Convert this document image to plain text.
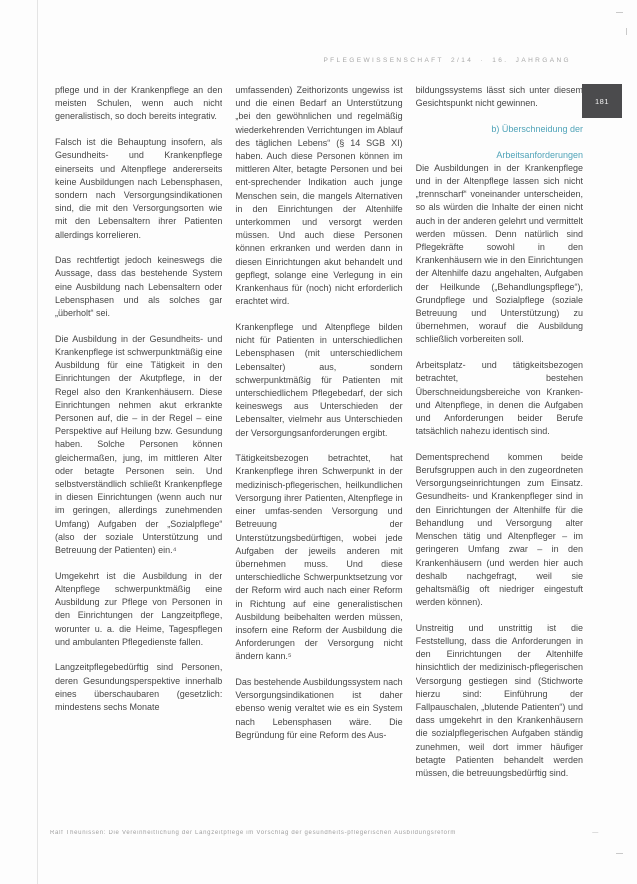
PFLEGEWISSENSCHAFT 2/14 · 16. JAHRGANG
181

pflege und in der Krankenpflege an den meisten Schulen, wenn auch nicht generalistisch, so doch bereits integrativ.

Falsch ist die Behauptung insofern, als Gesundheits- und Krankenpflege einerseits und Altenpflege andererseits keine Ausbildungen nach Lebensphasen, sondern nach Versorgungsindikationen sind, die mit den Versorgungsorten wie mit den Lebensaltern ihrer Patienten allerdings korrelieren.

Das rechtfertigt jedoch keineswegs die Aussage, dass das bestehende System eine Ausbildung nach Lebensaltern oder Lebensphasen und als solches gar „überholt“ sei.

Die Ausbildung in der Gesundheits- und Krankenpflege ist schwerpunktmäßig eine Ausbildung für eine Tätigkeit in den Einrichtungen der Akutpflege, in der Regel also den Krankenhäusern. Diese Einrichtungen nehmen akut erkrankte Personen auf, die – in der Regel – eine Perspektive auf Heilung bzw. Gesundung haben. Solche Personen können gleichermaßen, jung, im mittleren Alter oder betagte Personen sein. Und selbstverständlich schließt Krankenpflege in diesen Einrichtungen (wenn auch nur im geringen, allerdings zunehmenden Umfang) Aufgaben der „Sozialpflege“ (also der soziale Unterstützung und Betreuung der Patienten) ein.⁴

Umgekehrt ist die Ausbildung in der Altenpflege schwerpunktmäßig eine Ausbildung zur Pflege von Personen in den Einrichtungen der Langzeitpflege, worunter u. a. die Heime, Tagespflegen und ambulanten Pflegedienste fallen.

Langzeitpflegebedürftig sind Personen, deren Gesundungsperspektive innerhalb eines überschaubaren (gesetzlich: mindestens sechs Monate

umfassenden) Zeithorizonts ungewiss ist und die einen Bedarf an Unterstützung „bei den gewöhnlichen und regelmäßig wiederkehrenden Verrichtungen im Ablauf des täglichen Lebens“ (§ 14 SGB XI) haben. Auch diese Personen können im mittleren Alter, betagte Personen und bei ent-sprechender Indikation auch junge Menschen sein, die mangels Alternativen in den Einrichtungen der Altenhilfe unterkommen und versorgt werden müssen. Und auch diese Personen können erkranken und werden dann in diesen Einrichtungen akut behandelt und gepflegt, solange eine Verlegung in ein Krankenhaus für (noch) nicht erforderlich erachtet wird.

Krankenpflege und Altenpflege bilden nicht für Patienten in unterschiedlichen Lebensphasen (mit unterschiedlichem Lebensalter) aus, sondern schwerpunktmäßig für Patienten mit unterschiedlichem Pflegebedarf, der sich keineswegs aus Unterschieden der Lebensalter, vielmehr aus Unterschieden der Versorgungsanforderungen ergibt.

Tätigkeitsbezogen betrachtet, hat Krankenpflege ihren Schwerpunkt in der medizinisch-pflegerischen, heilkundlichen Versorgung ihrer Patienten, Altenpflege in einer umfas-senden Versorgung und Betreuung der Unterstützungsbedürftigen, wobei jede Aufgaben der jeweils anderen mit übernehmen muss. Und diese unterschiedliche Schwerpunktsetzung vor der Reform wird auch nach einer Reform in Richtung auf eine generalistischen Ausbildung beibehalten werden müssen, insofern eine Reform der Ausbildung die Anforderungen der Versorgung nicht ändern kann.⁵

Das bestehende Ausbildungssystem nach Versorgungsindikationen ist daher ebenso wenig veraltet wie es ein System nach Lebensphasen wäre. Die Begründung für eine Reform des Aus-

bildungssystems lässt sich unter diesem Gesichtspunkt nicht gewinnen.

b) Überschneidung der

Arbeitsanforderungen

Die Ausbildungen in der Krankenpflege und in der Altenpflege lassen sich nicht „trennscharf“ voneinander unterscheiden, so als würden die Inhalte der einen nicht auch in der anderen gelehrt und vermittelt werden müssen. Denn natürlich sind Pflegekräfte sowohl in den Krankenhäusern wie in den Einrichtungen der Altenhilfe dazu angehalten, Aufgaben der Heilkunde („Behandlungspflege“), Grundpflege und Sozialpflege (soziale Betreuung und Unterstützung) zu übernehmen, worauf die Ausbildung schließlich vorbereiten soll.

Arbeitsplatz- und tätigkeitsbezogen betrachtet, bestehen Überschneidungsbereiche von Kranken- und Altenpflege, in denen die Aufgaben und Anforderungen beider Berufe tatsächlich nahezu identisch sind.

Dementsprechend kommen beide Berufsgruppen auch in den zugeordneten Versorgungseinrichtungen zum Einsatz. Gesundheits- und Krankenpfleger sind in den Einrichtungen der Altenhilfe für die Behandlung und Versorgung alter Menschen tätig und Altenpfleger – im geringeren Umfang zwar – in den Krankenhäusern (und werden hier auch deshalb nachgefragt, weil sie gehaltsmäßig oft niedriger eingestuft werden können).

Unstreitig und unstrittig ist die Feststellung, dass die Anforderungen in den Einrichtungen der Altenhilfe hinsichtlich der medizinisch-pflegerischen Versorgung gestiegen sind (Stichworte hierzu sind: Einführung der Fallpauschalen, „blutende Patienten“) und dass umgekehrt in den Krankenhäusern die sozialpflegerischen Aufgaben ständig zunehmen, weil dort immer häufiger betagte Patienten behandelt werden müssen, die betreuungsbedürftig sind.

Ralf Theunissen: Die Vereinheitlichung der Langzeitpflege im Vorschlag der gesundheits-pflegerischen Ausbildungsreform	—
